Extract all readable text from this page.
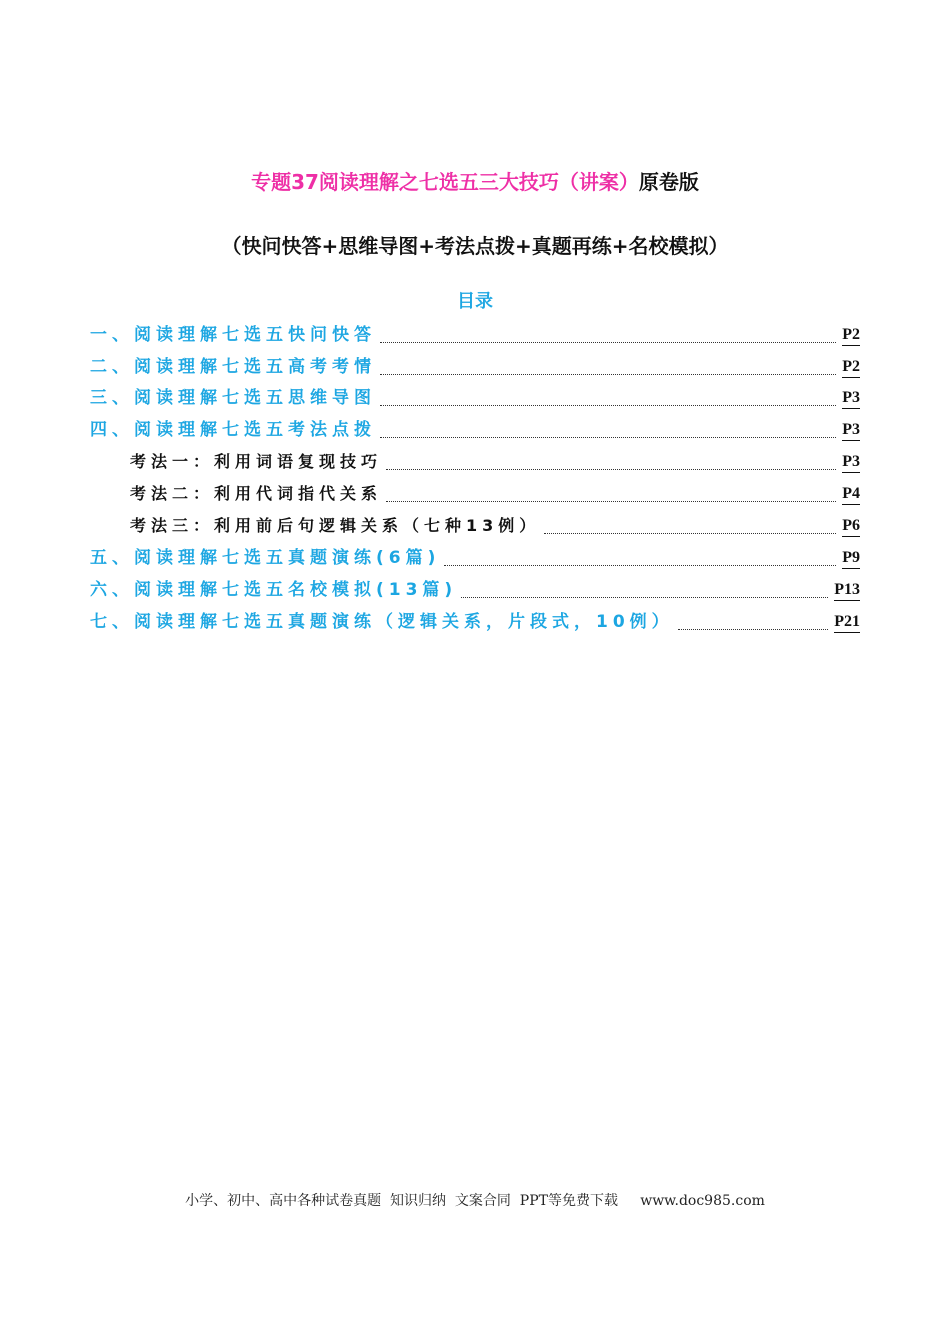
专题37阅读理解之七选五三大技巧（讲案）原卷版
（快问快答+思维导图+考法点拨+真题再练+名校模拟）
目录
一、阅读理解七选五快问快答	P2
二、阅读理解七选五高考考情	P2
三、阅读理解七选五思维导图	P3
四、阅读理解七选五考法点拨	P3
考法一：利用词语复现技巧	P3
考法二：利用代词指代关系	P4
考法三：利用前后句逻辑关系（七种13例）	P6
五、阅读理解七选五真题演练(6篇)	P9
六、阅读理解七选五名校模拟(13篇)	P13
七、阅读理解七选五真题演练（逻辑关系，片段式，10例）	P21
小学、初中、高中各种试卷真题  知识归纳  文案合同  PPT等免费下载     www.doc985.com
